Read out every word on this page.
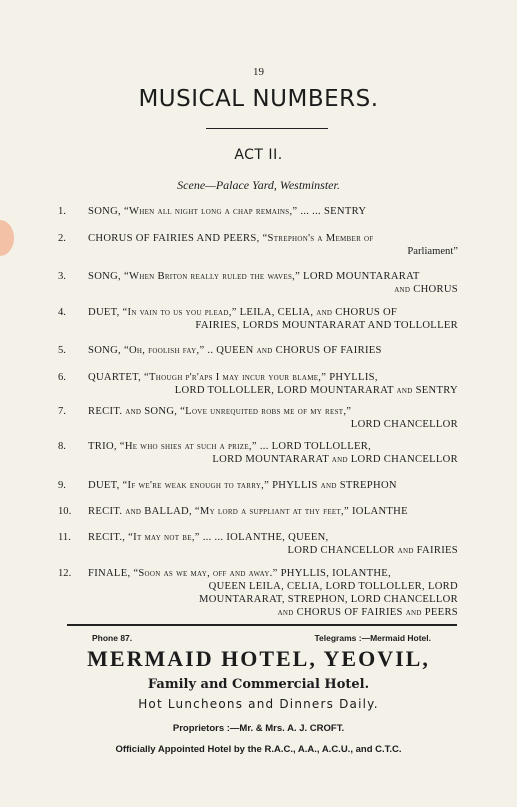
19
MUSICAL NUMBERS.
ACT II.
Scene—Palace Yard, Westminster.
1.	SONG, “When all night long a chap remains,” ... ... SENTRY
2.	CHORUS OF FAIRIES AND PEERS, “Strephon's a Member of
Parliament”
3.	SONG, “When Briton really ruled the waves,” LORD MOUNTARARAT
and CHORUS
4.	DUET, “In vain to us you plead,” LEILA, CELIA, and CHORUS OF
FAIRIES, LORDS MOUNTARARAT AND TOLLOLLER
5.	SONG, “Oh, foolish fay,” .. QUEEN and CHORUS OF FAIRIES
6.	QUARTET, “Though p'r'aps I may incur your blame,” PHYLLIS,
LORD TOLLOLLER, LORD MOUNTARARAT and SENTRY
7.	RECIT. and SONG, “Love unrequited robs me of my rest,”
LORD CHANCELLOR
8.	TRIO, “He who shies at such a prize,” ... LORD TOLLOLLER,
LORD MOUNTARARAT and LORD CHANCELLOR
9.	DUET, “If we're weak enough to tarry,” PHYLLIS and STREPHON
10.	RECIT. and BALLAD, “My lord a suppliant at thy feet,” IOLANTHE
11.	RECIT., “It may not be,” ... ... IOLANTHE, QUEEN,
LORD CHANCELLOR and FAIRIES
12.	FINALE, “Soon as we may, off and away.” PHYLLIS, IOLANTHE,
QUEEN LEILA, CELIA, LORD TOLLOLLER, LORD
MOUNTARARAT, STREPHON, LORD CHANCELLOR
and CHORUS OF FAIRIES and PEERS
Phone 87.	Telegrams :—Mermaid Hotel.
MERMAID HOTEL, YEOVIL,
Family and Commercial Hotel.
Hot Luncheons and Dinners Daily.
Proprietors :—Mr. & Mrs. A. J. CROFT.
Officially Appointed Hotel by the R.A.C., A.A., A.C.U., and C.T.C.
